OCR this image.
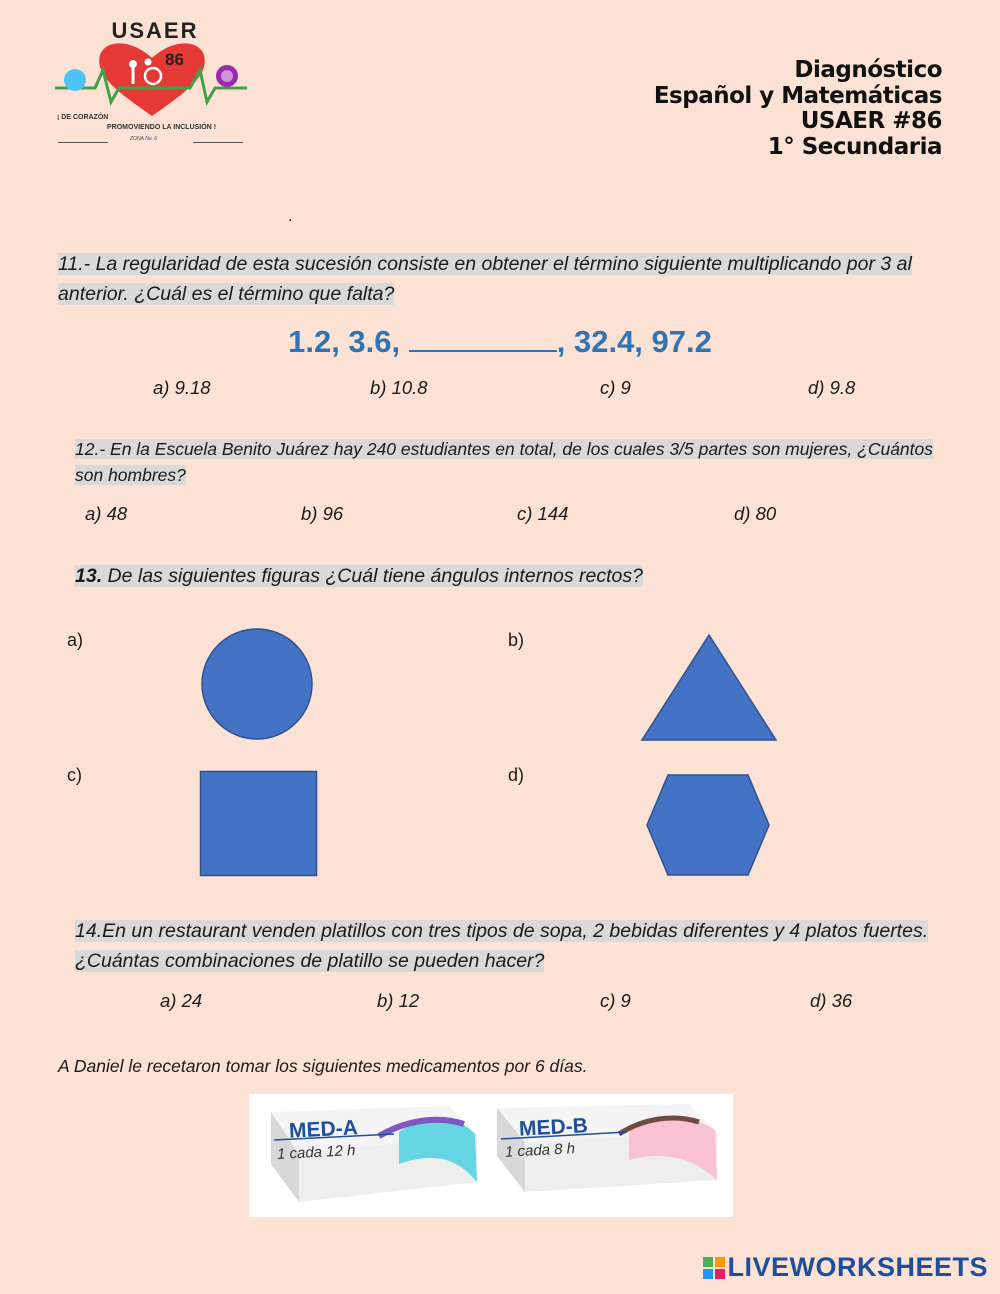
USAER
86
¡ DE CORAZÓN
PROMOVIENDO LA INCLUSIÓN !
ZONA No. 6
Diagnóstico
Español y Matemáticas
USAER #86
1° Secundaria
.
11.- La regularidad de esta sucesión consiste en obtener el término siguiente multiplicando por 3 al anterior. ¿Cuál es el término que falta?
1.2, 3.6,	, 32.4, 97.2
a) 9.18	b) 10.8	c) 9	d) 9.8
12.- En la Escuela Benito Juárez hay 240 estudiantes en total, de los cuales 3/5 partes son mujeres, ¿Cuántos son hombres?
a) 48	b) 96	c) 144	d) 80
13. De las siguientes figuras ¿Cuál tiene ángulos internos rectos?
a)	b)
c)	d)
14.En un restaurant venden platillos con tres tipos de sopa, 2 bebidas diferentes y 4 platos fuertes. ¿Cuántas combinaciones de platillo se pueden hacer?
a) 24	b) 12	c) 9	d) 36
A Daniel le recetaron tomar los siguientes medicamentos por 6 días.
MED-A
1 cada 12 h
MED-B
1 cada 8 h
LIVEWORKSHEETS
